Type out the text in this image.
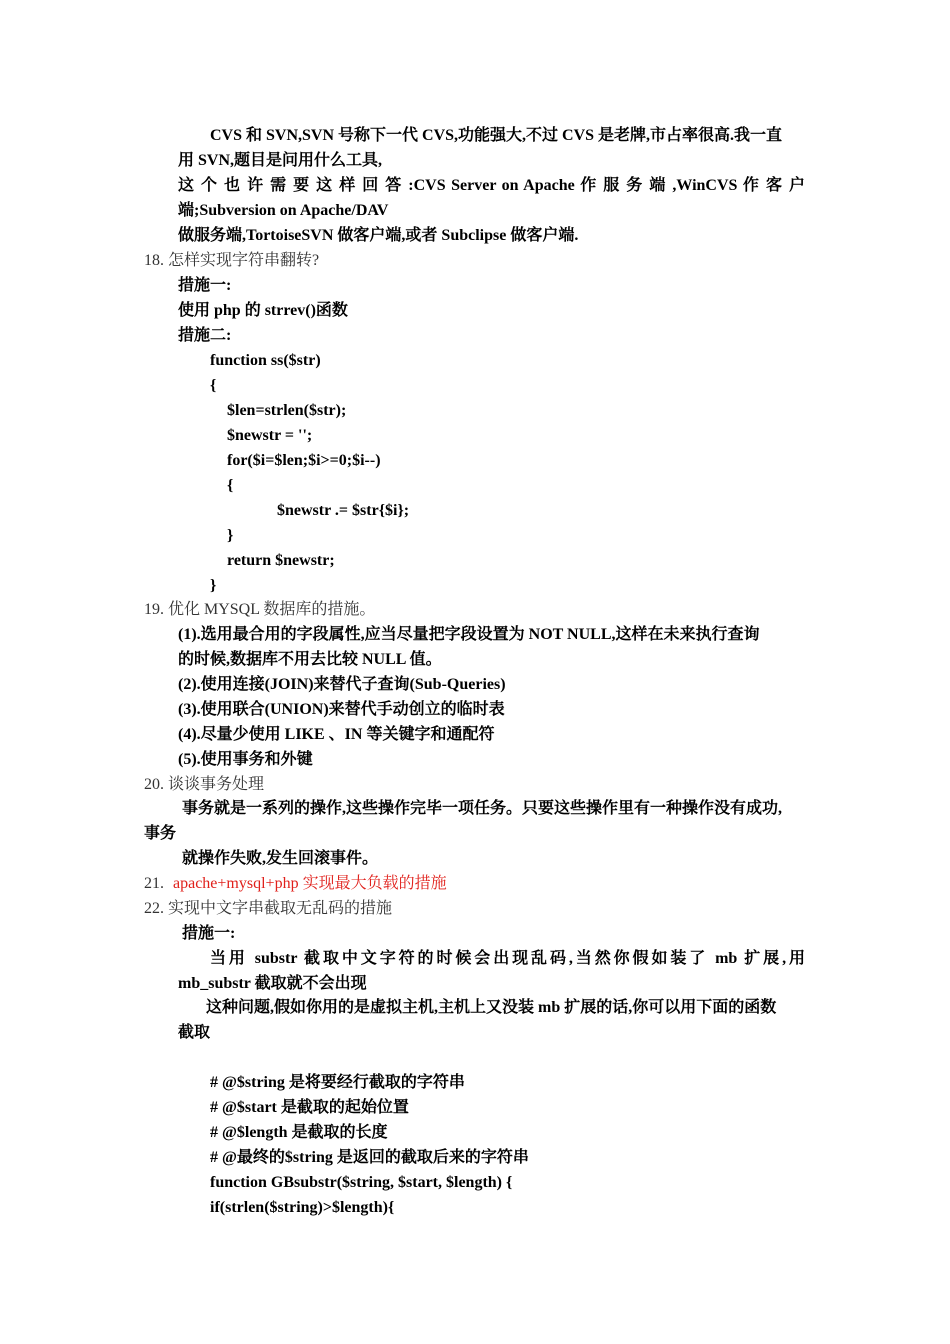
CVS 和 SVN,SVN 号称下一代 CVS,功能强大,不过 CVS 是老牌,市占率很高.我一直
用 SVN,题目是问用什么工具,
这 个 也 许 需 要 这 样 回 答 :CVS Server on Apache 作 服 务 端 ,WinCVS 作 客 户
端;Subversion on Apache/DAV
做服务端,TortoiseSVN 做客户端,或者 Subclipse 做客户端.
18. 怎样实现字符串翻转?
措施一:
使用 php 的 strrev()函数
措施二:
function ss($str)
{
$len=strlen($str);
$newstr = '';
for($i=$len;$i>=0;$i--)
{
$newstr .= $str{$i};
}
return $newstr;
}
19. 优化 MYSQL 数据库的措施。
(1).选用最合用的字段属性,应当尽量把字段设置为 NOT NULL,这样在未来执行查询
的时候,数据库不用去比较 NULL 值。
(2).使用连接(JOIN)来替代子查询(Sub-Queries)
(3).使用联合(UNION)来替代手动创立的临时表
(4).尽量少使用 LIKE 、IN 等关键字和通配符
(5).使用事务和外键
20. 谈谈事务处理
事务就是一系列的操作,这些操作完毕一项任务。只要这些操作里有一种操作没有成功,
事务
就操作失败,发生回滚事件。
21. apache+mysql+php 实现最大负载的措施
22. 实现中文字串截取无乱码的措施
措施一:
当用 substr 截取中文字符的时候会出现乱码,当然你假如装了 mb 扩展,用
mb_substr 截取就不会出现
这种问题,假如你用的是虚拟主机,主机上又没装 mb 扩展的话,你可以用下面的函数
截取
# @$string 是将要经行截取的字符串
# @$start 是截取的起始位置
# @$length 是截取的长度
# @最终的$string 是返回的截取后来的字符串
function GBsubstr($string, $start, $length) {
if(strlen($string)>$length){
